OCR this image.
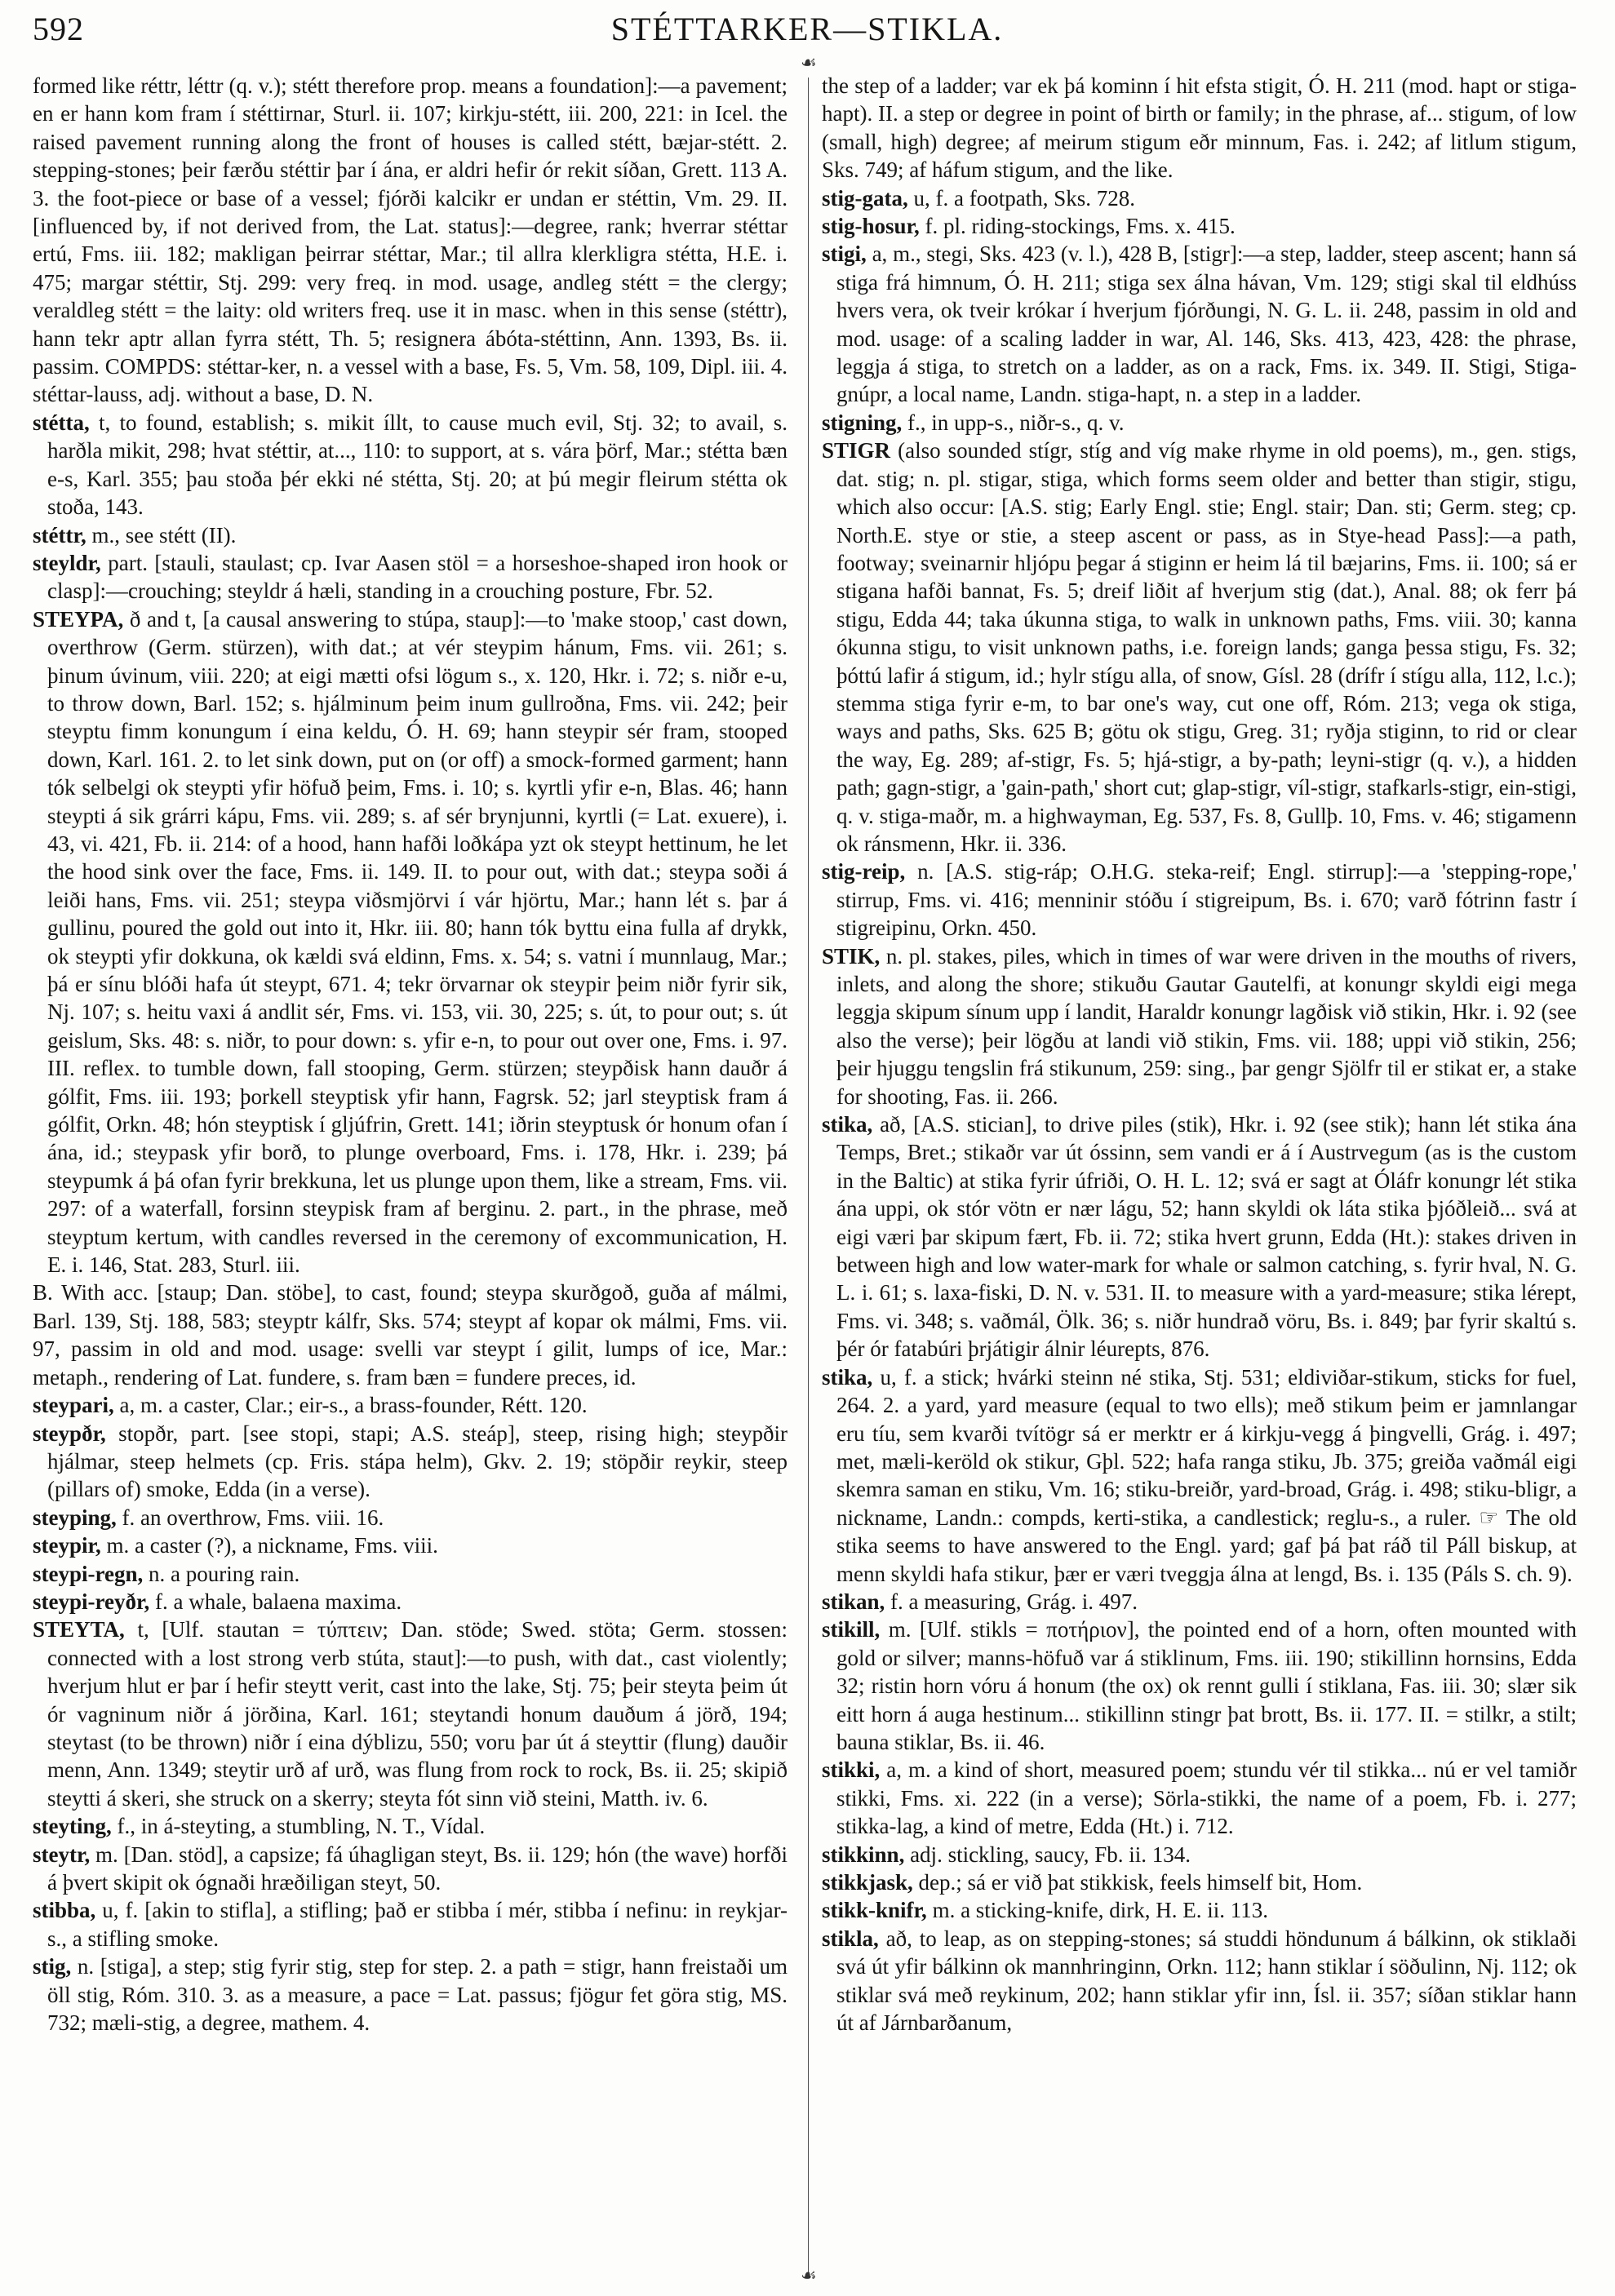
592	STÉTTARKER—STIKLA.
☙
☙

formed like réttr, léttr (q. v.); stétt therefore prop. means a foundation]:—a pavement; en er hann kom fram í stéttirnar, Sturl. ii. 107; kirkju-stétt, iii. 200, 221: in Icel. the raised pavement running along the front of houses is called stétt, bæjar-stétt. 2. stepping-stones; þeir færðu stéttir þar í ána, er aldri hefir ór rekit síðan, Grett. 113 A. 3. the foot-piece or base of a vessel; fjórði kalcikr er undan er stéttin, Vm. 29. II. [influenced by, if not derived from, the Lat. status]:—degree, rank; hverrar stéttar ertú, Fms. iii. 182; makligan þeirrar stéttar, Mar.; til allra klerkligra stétta, H.E. i. 475; margar stéttir, Stj. 299: very freq. in mod. usage, andleg stétt = the clergy; veraldleg stétt = the laity: old writers freq. use it in masc. when in this sense (stéttr), hann tekr aptr allan fyrra stétt, Th. 5; resignera ábóta-stéttinn, Ann. 1393, Bs. ii. passim. COMPDS: stéttar-ker, n. a vessel with a base, Fs. 5, Vm. 58, 109, Dipl. iii. 4. stéttar-lauss, adj. without a base, D. N.

stétta, t, to found, establish; s. mikit íllt, to cause much evil, Stj. 32; to avail, s. harðla mikit, 298; hvat stéttir, at..., 110: to support, at s. vára þörf, Mar.; stétta bæn e-s, Karl. 355; þau stoða þér ekki né stétta, Stj. 20; at þú megir fleirum stétta ok stoða, 143.

stéttr, m., see stétt (II).

steyldr, part. [stauli, staulast; cp. Ivar Aasen stöl = a horseshoe-shaped iron hook or clasp]:—crouching; steyldr á hæli, standing in a crouching posture, Fbr. 52.

STEYPA, ð and t, [a causal answering to stúpa, staup]:—to 'make stoop,' cast down, overthrow (Germ. stürzen), with dat.; at vér steypim hánum, Fms. vii. 261; s. þinum úvinum, viii. 220; at eigi mætti ofsi lögum s., x. 120, Hkr. i. 72; s. niðr e-u, to throw down, Barl. 152; s. hjálminum þeim inum gullroðna, Fms. vii. 242; þeir steyptu fimm konungum í eina keldu, Ó. H. 69; hann steypir sér fram, stooped down, Karl. 161. 2. to let sink down, put on (or off) a smock-formed garment; hann tók selbelgi ok steypti yfir höfuð þeim, Fms. i. 10; s. kyrtli yfir e-n, Blas. 46; hann steypti á sik grárri kápu, Fms. vii. 289; s. af sér brynjunni, kyrtli (= Lat. exuere), i. 43, vi. 421, Fb. ii. 214: of a hood, hann hafði loðkápa yzt ok steypt hettinum, he let the hood sink over the face, Fms. ii. 149. II. to pour out, with dat.; steypa soði á leiði hans, Fms. vii. 251; steypa viðsmjörvi í vár hjörtu, Mar.; hann lét s. þar á gullinu, poured the gold out into it, Hkr. iii. 80; hann tók byttu eina fulla af drykk, ok steypti yfir dokkuna, ok kældi svá eldinn, Fms. x. 54; s. vatni í munnlaug, Mar.; þá er sínu blóði hafa út steypt, 671. 4; tekr örvarnar ok steypir þeim niðr fyrir sik, Nj. 107; s. heitu vaxi á andlit sér, Fms. vi. 153, vii. 30, 225; s. út, to pour out; s. út geislum, Sks. 48: s. niðr, to pour down: s. yfir e-n, to pour out over one, Fms. i. 97. III. reflex. to tumble down, fall stooping, Germ. stürzen; steypðisk hann dauðr á gólfit, Fms. iii. 193; þorkell steyptisk yfir hann, Fagrsk. 52; jarl steyptisk fram á gólfit, Orkn. 48; hón steyptisk í gljúfrin, Grett. 141; iðrin steyptusk ór honum ofan í ána, id.; steypask yfir borð, to plunge overboard, Fms. i. 178, Hkr. i. 239; þá steypumk á þá ofan fyrir brekkuna, let us plunge upon them, like a stream, Fms. vii. 297: of a waterfall, forsinn steypisk fram af berginu. 2. part., in the phrase, með steyptum kertum, with candles reversed in the ceremony of excommunication, H. E. i. 146, Stat. 283, Sturl. iii.

B. With acc. [staup; Dan. stöbe], to cast, found; steypa skurðgoð, guða af málmi, Barl. 139, Stj. 188, 583; steyptr kálfr, Sks. 574; steypt af kopar ok málmi, Fms. vii. 97, passim in old and mod. usage: svelli var steypt í gilit, lumps of ice, Mar.: metaph., rendering of Lat. fundere, s. fram bæn = fundere preces, id.

steypari, a, m. a caster, Clar.; eir-s., a brass-founder, Rétt. 120.

steypðr, stopðr, part. [see stopi, stapi; A.S. steáp], steep, rising high; steypðir hjálmar, steep helmets (cp. Fris. stápa helm), Gkv. 2. 19; stöpðir reykir, steep (pillars of) smoke, Edda (in a verse).

steyping, f. an overthrow, Fms. viii. 16.

steypir, m. a caster (?), a nickname, Fms. viii.

steypi-regn, n. a pouring rain.

steypi-reyðr, f. a whale, balaena maxima.

STEYTA, t, [Ulf. stautan = τύπτειν; Dan. stöde; Swed. stöta; Germ. stossen: connected with a lost strong verb stúta, staut]:—to push, with dat., cast violently; hverjum hlut er þar í hefir steytt verit, cast into the lake, Stj. 75; þeir steyta þeim út ór vagninum niðr á jörðina, Karl. 161; steytandi honum dauðum á jörð, 194; steytast (to be thrown) niðr í eina dýblizu, 550; voru þar út á steyttir (flung) dauðir menn, Ann. 1349; steytir urð af urð, was flung from rock to rock, Bs. ii. 25; skipið steytti á skeri, she struck on a skerry; steyta fót sinn við steini, Matth. iv. 6.

steyting, f., in á-steyting, a stumbling, N. T., Vídal.

steytr, m. [Dan. stöd], a capsize; fá úhagligan steyt, Bs. ii. 129; hón (the wave) horfði á þvert skipit ok ógnaði hræðiligan steyt, 50.

stibba, u, f. [akin to stifla], a stifling; það er stibba í mér, stibba í nefinu: in reykjar-s., a stifling smoke.

stig, n. [stiga], a step; stig fyrir stig, step for step. 2. a path = stigr, hann freistaði um öll stig, Róm. 310. 3. as a measure, a pace = Lat. passus; fjögur fet göra stig, MS. 732; mæli-stig, a degree, mathem. 4.

the step of a ladder; var ek þá kominn í hit efsta stigit, Ó. H. 211 (mod. hapt or stiga-hapt). II. a step or degree in point of birth or family; in the phrase, af... stigum, of low (small, high) degree; af meirum stigum eðr minnum, Fas. i. 242; af litlum stigum, Sks. 749; af háfum stigum, and the like.

stig-gata, u, f. a footpath, Sks. 728.

stig-hosur, f. pl. riding-stockings, Fms. x. 415.

stigi, a, m., stegi, Sks. 423 (v. l.), 428 B, [stigr]:—a step, ladder, steep ascent; hann sá stiga frá himnum, Ó. H. 211; stiga sex álna hávan, Vm. 129; stigi skal til eldhúss hvers vera, ok tveir krókar í hverjum fjórðungi, N. G. L. ii. 248, passim in old and mod. usage: of a scaling ladder in war, Al. 146, Sks. 413, 423, 428: the phrase, leggja á stiga, to stretch on a ladder, as on a rack, Fms. ix. 349. II. Stigi, Stiga-gnúpr, a local name, Landn. stiga-hapt, n. a step in a ladder.

stigning, f., in upp-s., niðr-s., q. v.

STIGR (also sounded stígr, stíg and víg make rhyme in old poems), m., gen. stigs, dat. stig; n. pl. stigar, stiga, which forms seem older and better than stigir, stigu, which also occur: [A.S. stig; Early Engl. stie; Engl. stair; Dan. sti; Germ. steg; cp. North.E. stye or stie, a steep ascent or pass, as in Stye-head Pass]:—a path, footway; sveinarnir hljópu þegar á stiginn er heim lá til bæjarins, Fms. ii. 100; sá er stigana hafði bannat, Fs. 5; dreif liðit af hverjum stig (dat.), Anal. 88; ok ferr þá stigu, Edda 44; taka úkunna stiga, to walk in unknown paths, Fms. viii. 30; kanna ókunna stigu, to visit unknown paths, i.e. foreign lands; ganga þessa stigu, Fs. 32; þóttú lafir á stigum, id.; hylr stígu alla, of snow, Gísl. 28 (drífr í stígu alla, 112, l.c.); stemma stiga fyrir e-m, to bar one's way, cut one off, Róm. 213; vega ok stiga, ways and paths, Sks. 625 B; götu ok stigu, Greg. 31; ryðja stiginn, to rid or clear the way, Eg. 289; af-stigr, Fs. 5; hjá-stigr, a by-path; leyni-stigr (q. v.), a hidden path; gagn-stigr, a 'gain-path,' short cut; glap-stigr, víl-stigr, stafkarls-stigr, ein-stigi, q. v. stiga-maðr, m. a highwayman, Eg. 537, Fs. 8, Gullþ. 10, Fms. v. 46; stigamenn ok ránsmenn, Hkr. ii. 336.

stig-reip, n. [A.S. stig-ráp; O.H.G. steka-reif; Engl. stirrup]:—a 'stepping-rope,' stirrup, Fms. vi. 416; menninir stóðu í stigreipum, Bs. i. 670; varð fótrinn fastr í stigreipinu, Orkn. 450.

STIK, n. pl. stakes, piles, which in times of war were driven in the mouths of rivers, inlets, and along the shore; stikuðu Gautar Gautelfi, at konungr skyldi eigi mega leggja skipum sínum upp í landit, Haraldr konungr lagðisk við stikin, Hkr. i. 92 (see also the verse); þeir lögðu at landi við stikin, Fms. vii. 188; uppi við stikin, 256; þeir hjuggu tengslin frá stikunum, 259: sing., þar gengr Sjölfr til er stikat er, a stake for shooting, Fas. ii. 266.

stika, að, [A.S. stician], to drive piles (stik), Hkr. i. 92 (see stik); hann lét stika ána Temps, Bret.; stikaðr var út óssinn, sem vandi er á í Austrvegum (as is the custom in the Baltic) at stika fyrir úfriði, O. H. L. 12; svá er sagt at Óláfr konungr lét stika ána uppi, ok stór vötn er nær lágu, 52; hann skyldi ok láta stika þjóðleið... svá at eigi væri þar skipum fært, Fb. ii. 72; stika hvert grunn, Edda (Ht.): stakes driven in between high and low water-mark for whale or salmon catching, s. fyrir hval, N. G. L. i. 61; s. laxa-fiski, D. N. v. 531. II. to measure with a yard-measure; stika lérept, Fms. vi. 348; s. vaðmál, Ölk. 36; s. niðr hundrað vöru, Bs. i. 849; þar fyrir skaltú s. þér ór fatabúri þrjátigir álnir léurepts, 876.

stika, u, f. a stick; hvárki steinn né stika, Stj. 531; eldiviðar-stikum, sticks for fuel, 264. 2. a yard, yard measure (equal to two ells); með stikum þeim er jamnlangar eru tíu, sem kvarði tvítögr sá er merktr er á kirkju-vegg á þingvelli, Grág. i. 497; met, mæli-keröld ok stikur, Gþl. 522; hafa ranga stiku, Jb. 375; greiða vaðmál eigi skemra saman en stiku, Vm. 16; stiku-breiðr, yard-broad, Grág. i. 498; stiku-bligr, a nickname, Landn.: compds, kerti-stika, a candlestick; reglu-s., a ruler. ☞ The old stika seems to have answered to the Engl. yard; gaf þá þat ráð til Páll biskup, at menn skyldi hafa stikur, þær er væri tveggja álna at lengd, Bs. i. 135 (Páls S. ch. 9).

stikan, f. a measuring, Grág. i. 497.

stikill, m. [Ulf. stikls = ποτήριον], the pointed end of a horn, often mounted with gold or silver; manns-höfuð var á stiklinum, Fms. iii. 190; stikillinn hornsins, Edda 32; ristin horn vóru á honum (the ox) ok rennt gulli í stiklana, Fas. iii. 30; slær sik eitt horn á auga hestinum... stikillinn stingr þat brott, Bs. ii. 177. II. = stilkr, a stilt; bauna stiklar, Bs. ii. 46.

stikki, a, m. a kind of short, measured poem; stundu vér til stikka... nú er vel tamiðr stikki, Fms. xi. 222 (in a verse); Sörla-stikki, the name of a poem, Fb. i. 277; stikka-lag, a kind of metre, Edda (Ht.) i. 712.

stikkinn, adj. stickling, saucy, Fb. ii. 134.

stikkjask, dep.; sá er við þat stikkisk, feels himself bit, Hom.

stikk-knifr, m. a sticking-knife, dirk, H. E. ii. 113.

stikla, að, to leap, as on stepping-stones; sá studdi höndunum á bálkinn, ok stiklaði svá út yfir bálkinn ok mannhringinn, Orkn. 112; hann stiklar í söðulinn, Nj. 112; ok stiklar svá með reykinum, 202; hann stiklar yfir inn, Ísl. ii. 357; síðan stiklar hann út af Járnbarðanum,
